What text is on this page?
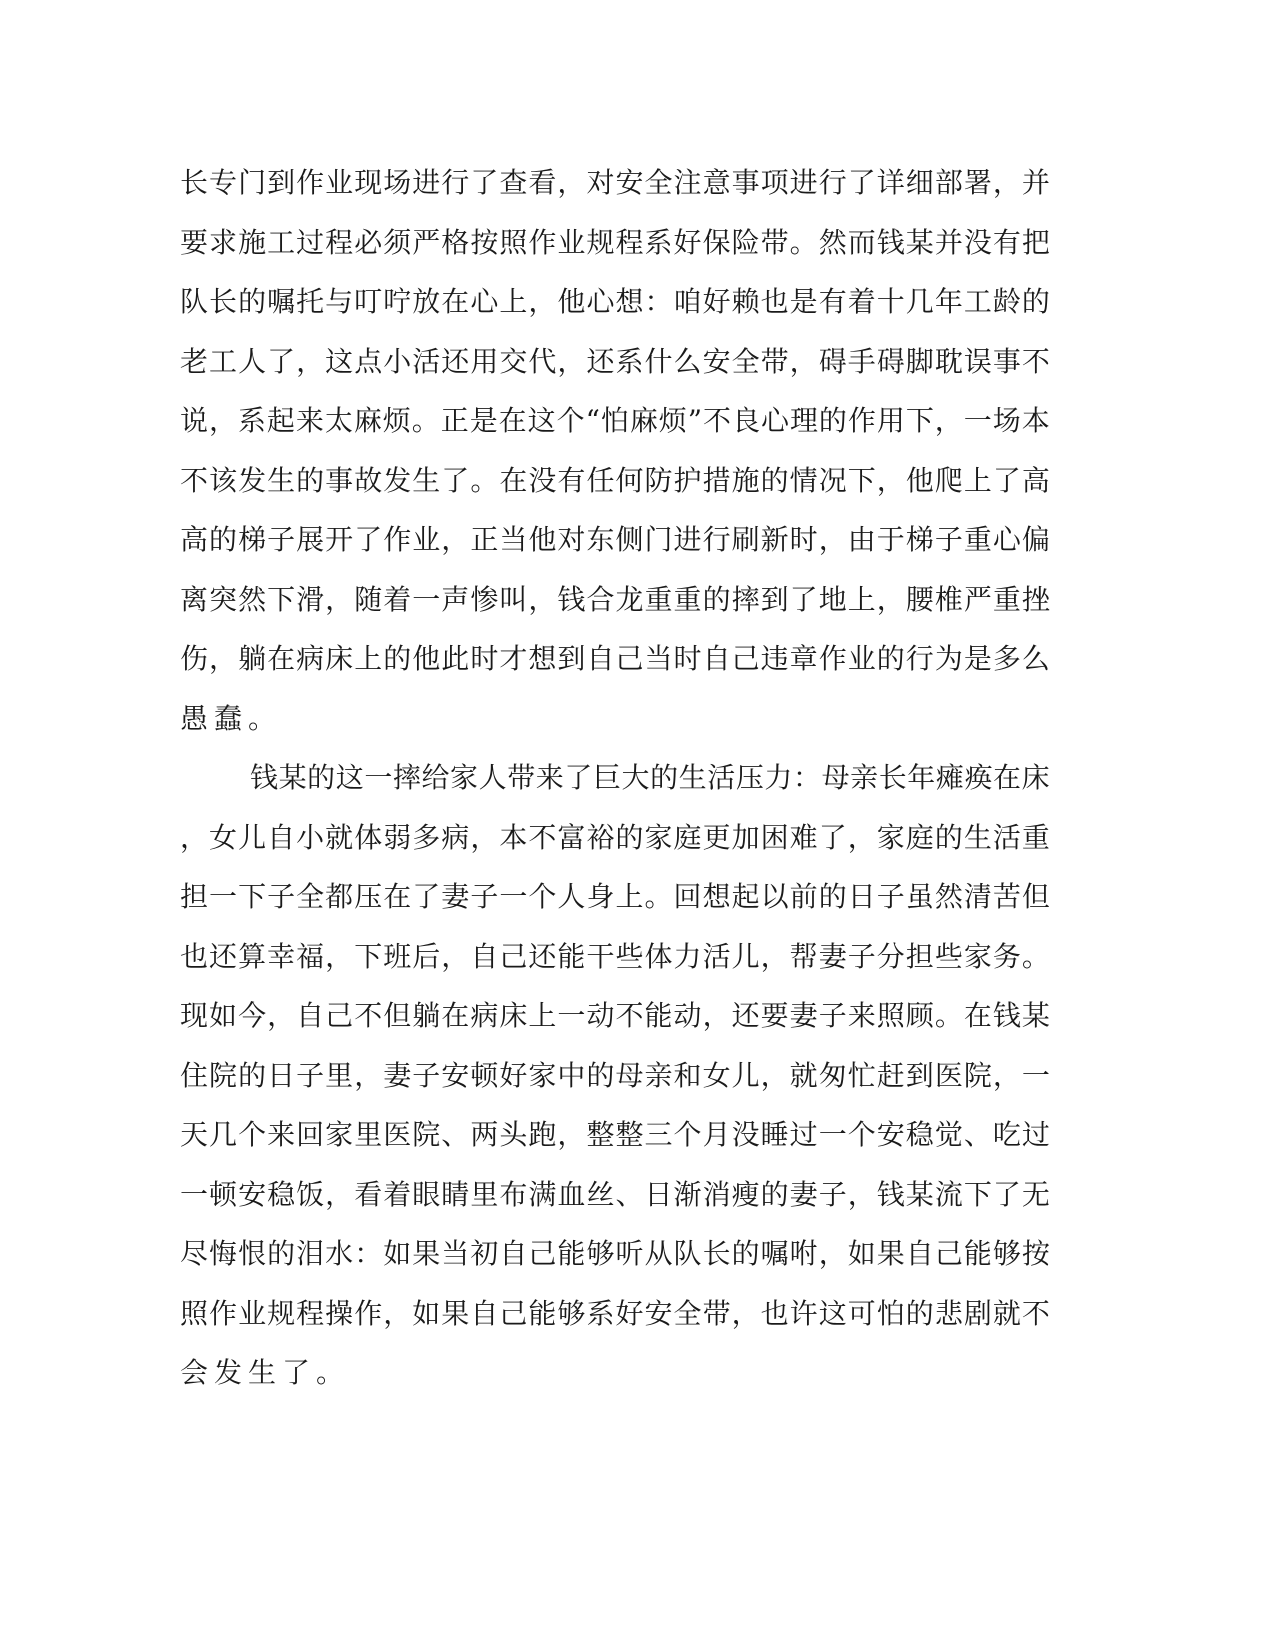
长 专 门 到 作 业 现 场 进 行 了 查 看 ， 对 安 全 注 意 事 项 进 行 了 详 细 部 署 ， 并
要 求 施 工 过 程 必 须 严 格 按 照 作 业 规 程 系 好 保 险 带 。 然 而 钱 某 并 没 有 把
队 长 的 嘱 托 与 叮 咛 放 在 心 上 ， 他 心 想 ： 咱 好 赖 也 是 有 着 十 几 年 工 龄 的
老 工 人 了 ， 这 点 小 活 还 用 交 代 ， 还 系 什 么 安 全 带 ， 碍 手 碍 脚 耽 误 事 不
说 ， 系 起 来 太 麻 烦 。 正 是 在 这 个 “ 怕 麻 烦 ” 不 良 心 理 的 作 用 下 ， 一 场 本
不 该 发 生 的 事 故 发 生 了 。 在 没 有 任 何 防 护 措 施 的 情 况 下 ， 他 爬 上 了 高
高 的 梯 子 展 开 了 作 业 ， 正 当 他 对 东 侧 门 进 行 刷 新 时 ， 由 于 梯 子 重 心 偏
离 突 然 下 滑 ， 随 着 一 声 惨 叫 ， 钱 合 龙 重 重 的 摔 到 了 地 上 ， 腰 椎 严 重 挫
伤 ， 躺 在 病 床 上 的 他 此 时 才 想 到 自 己 当 时 自 己 违 章 作 业 的 行 为 是 多 么
愚蠢。
钱 某 的 这 一 摔 给 家 人 带 来 了 巨 大 的 生 活 压 力 ： 母 亲 长 年 瘫 痪 在 床
， 女 儿 自 小 就 体 弱 多 病 ， 本 不 富 裕 的 家 庭 更 加 困 难 了 ， 家 庭 的 生 活 重
担 一 下 子 全 都 压 在 了 妻 子 一 个 人 身 上 。 回 想 起 以 前 的 日 子 虽 然 清 苦 但
也 还 算 幸 福 ， 下 班 后 ， 自 己 还 能 干 些 体 力 活 儿 ， 帮 妻 子 分 担 些 家 务 。
现 如 今 ， 自 己 不 但 躺 在 病 床 上 一 动 不 能 动 ， 还 要 妻 子 来 照 顾 。 在 钱 某
住 院 的 日 子 里 ， 妻 子 安 顿 好 家 中 的 母 亲 和 女 儿 ， 就 匆 忙 赶 到 医 院 ， 一
天 几 个 来 回 家 里 医 院 、 两 头 跑 ， 整 整 三 个 月 没 睡 过 一 个 安 稳 觉 、 吃 过
一 顿 安 稳 饭 ， 看 着 眼 睛 里 布 满 血 丝 、 日 渐 消 瘦 的 妻 子 ， 钱 某 流 下 了 无
尽 悔 恨 的 泪 水 ： 如 果 当 初 自 己 能 够 听 从 队 长 的 嘱 咐 ， 如 果 自 己 能 够 按
照 作 业 规 程 操 作 ， 如 果 自 己 能 够 系 好 安 全 带 ， 也 许 这 可 怕 的 悲 剧 就 不
会发生了。
